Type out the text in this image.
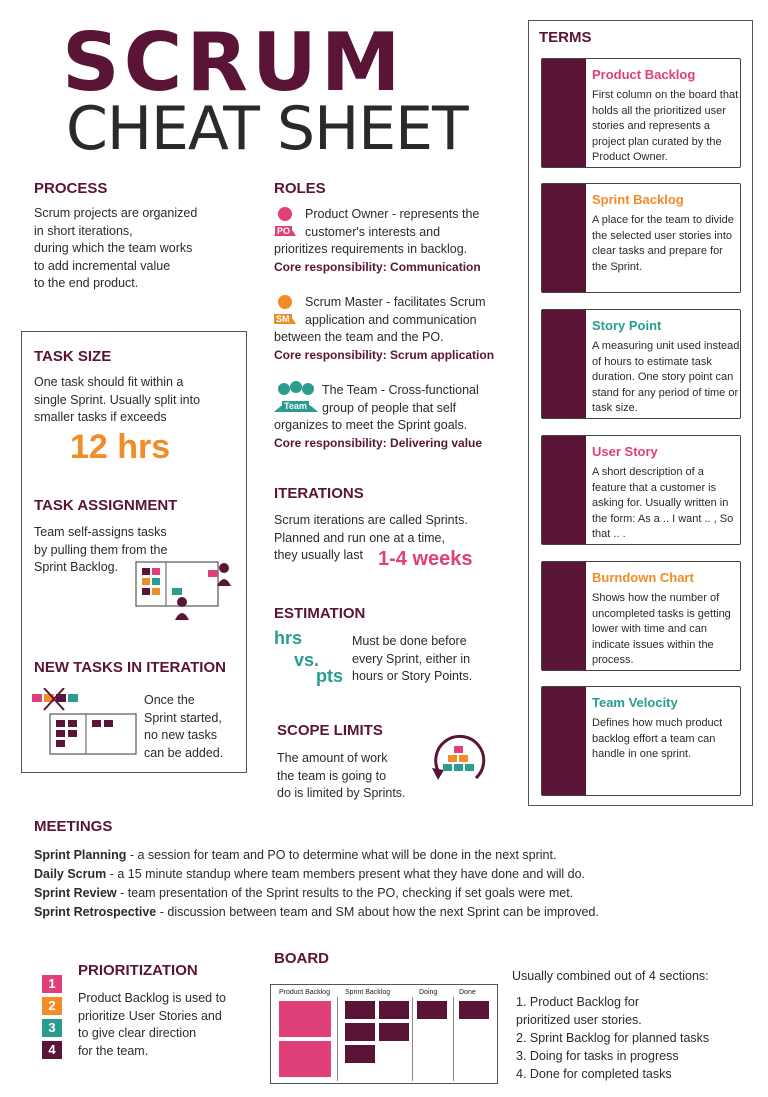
SCRUM
CHEAT SHEET
PROCESS
Scrum projects are organized
in short iterations,
during which the team works
to add incremental value
to the end product.
TASK SIZE
One task should fit within a
single Sprint. Usually split into
smaller tasks if exceeds
12 hrs
TASK ASSIGNMENT
Team self-assigns tasks
by pulling them from the
Sprint Backlog.
NEW TASKS IN ITERATION
Once the
Sprint started,
no new tasks
can be added.
ROLES
PO
Product Owner - represents the
customer's interests and
prioritizes requirements in backlog.
Core responsibility: Communication
SM
Scrum Master - facilitates Scrum
application and communication
between the team and the PO.
Core responsibility: Scrum application
Team
The Team - Cross-functional
group of people that self
organizes to meet the Sprint goals.
Core responsibility: Delivering value
ITERATIONS
Scrum iterations are called Sprints.
Planned and run one at a time,
they usually last 1-4 weeks
ESTIMATION
hrs
vs.
pts
Must be done before
every Sprint, either in
hours or Story Points.
SCOPE LIMITS
The amount of work
the team is going to
do is limited by Sprints.
TERMS
Product Backlog
First column on the board that holds all the prioritized user stories and represents a project plan curated by the Product Owner.
Sprint Backlog
A place for the team to divide the selected user stories into clear tasks and prepare for the Sprint.
Story Point
A measuring unit used instead of hours to estimate task duration. One story point can stand for any period of time or task size.
User Story
A short description of a feature that a customer is asking for. Usually written in the form: As a .. I want .. , So that .. .
Burndown Chart
Shows how the number of uncompleted tasks is getting lower with time and can indicate issues within the process.
Team Velocity
Defines how much product backlog effort a team can handle in one sprint.
MEETINGS
Sprint Planning - a session for team and PO to determine what will be done in the next sprint.
Daily Scrum - a 15 minute standup where team members present what they have done and will do.
Sprint Review - team presentation of the Sprint results to the PO, checking if set goals were met.
Sprint Retrospective - discussion between team and SM about how the next Sprint can be improved.
1
2
3
4
PRIORITIZATION
Product Backlog is used to
prioritize User Stories and
to give clear direction
for the team.
BOARD
Product Backlog Sprint Backlog	Doing	Done
Usually combined out of 4 sections:
1. Product Backlog for
prioritized user stories.
2. Sprint Backlog for planned tasks
3. Doing for tasks in progress
4. Done for completed tasks
